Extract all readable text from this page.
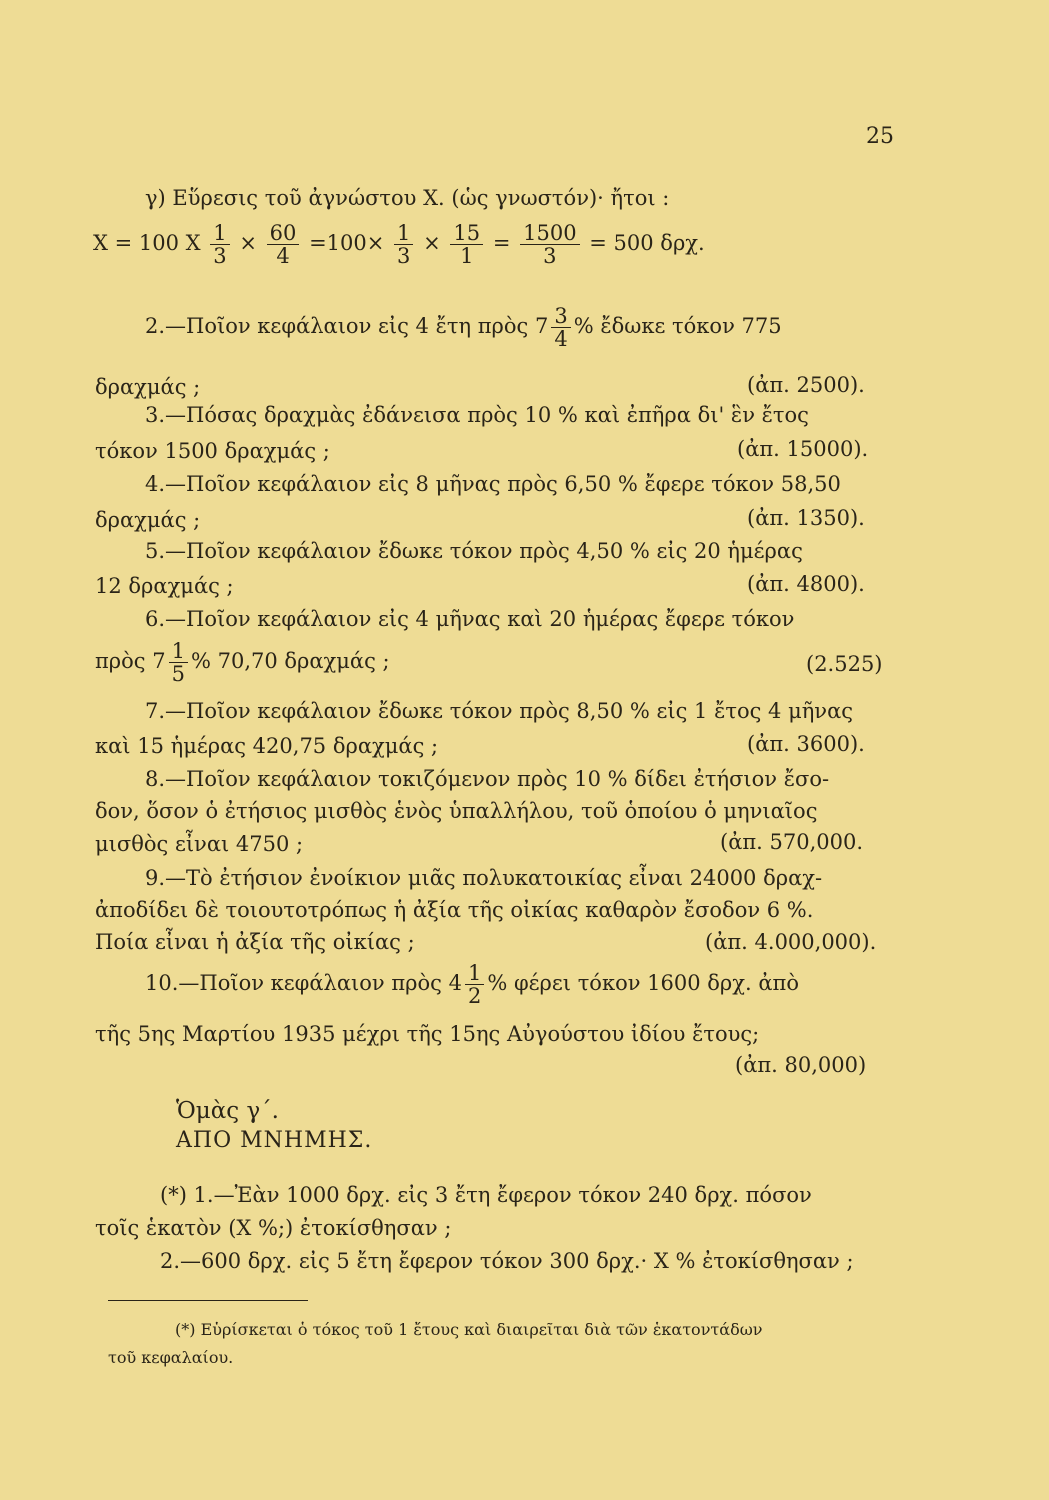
25
γ) Εὕρεσις τοῦ ἀγνώστου Χ. (ὡς γνωστόν)· ἤτοι :
Χ = 100 Χ $\frac{1}{3} \times \frac{60}{4} =100\times \frac{1}{3} \times \frac{15}{1} = \frac{1500}{3} = 500$ δρχ.
2.—Ποῖον κεφάλαιον εἰς 4 ἔτη πρὸς $7 \frac{3}{4}$ % ἔδωκε τόκον 775
δραχμάς ;	(ἀπ. 2500).
3.—Πόσας δραχμὰς ἐδάνεισα πρὸς 10 % καὶ ἐπῆρα δι' ἓν ἔτος
τόκον 1500 δραχμάς ;	(ἀπ. 15000).
4.—Ποῖον κεφάλαιον εἰς 8 μῆνας πρὸς 6,50 % ἔφερε τόκον 58,50
δραχμάς ;	(ἀπ. 1350).
5.—Ποῖον κεφάλαιον ἔδωκε τόκον πρὸς 4,50 % εἰς 20 ἡμέρας
12 δραχμάς ;	(ἀπ. 4800).
6.—Ποῖον κεφάλαιον εἰς 4 μῆνας καὶ 20 ἡμέρας ἔφερε τόκον
πρὸς $7 \frac{1}{5}$ % 70,70 δραχμάς ;	(2.525)
7.—Ποῖον κεφάλαιον ἔδωκε τόκον πρὸς 8,50 % εἰς 1 ἔτος 4 μῆνας
καὶ 15 ἡμέρας 420,75 δραχμάς ;	(ἀπ. 3600).
8.—Ποῖον κεφάλαιον τοκιζόμενον πρὸς 10 % δίδει ἐτήσιον ἔσο-
δον, ὅσον ὁ ἐτήσιος μισθὸς ἑνὸς ὑπαλλήλου, τοῦ ὁποίου ὁ μηνιαῖος
μισθὸς εἶναι 4750 ;	(ἀπ. 570,000.
9.—Τὸ ἐτήσιον ἐνοίκιον μιᾶς πολυκατοικίας εἶναι 24000 δραχ-
ἀποδίδει δὲ τοιουτοτρόπως ἡ ἀξία τῆς οἰκίας καθαρὸν ἔσοδον 6 %.
Ποία εἶναι ἡ ἀξία τῆς οἰκίας ;	(ἀπ. 4.000,000).
10.—Ποῖον κεφάλαιον πρὸς $4 \frac{1}{2}$ % φέρει τόκον 1600 δρχ. ἀπὸ
τῆς 5ης Μαρτίου 1935 μέχρι τῆς 15ης Αὐγούστου ἰδίου ἔτους;
(ἀπ. 80,000)
Ὁμὰς γ΄.
ΑΠΟ ΜΝΗΜΗΣ.
(*) 1.—Ἐὰν 1000 δρχ. εἰς 3 ἔτη ἔφερον τόκον 240 δρχ. πόσον
τοῖς ἑκατὸν (Χ %;) ἐτοκίσθησαν ;
2.—600 δρχ. εἰς 5 ἔτη ἔφερον τόκον 300 δρχ.· Χ % ἐτοκίσθησαν ;
(*) Εὑρίσκεται ὁ τόκος τοῦ 1 ἔτους καὶ διαιρεῖται διὰ τῶν ἑκατοντάδων
τοῦ κεφαλαίου.
